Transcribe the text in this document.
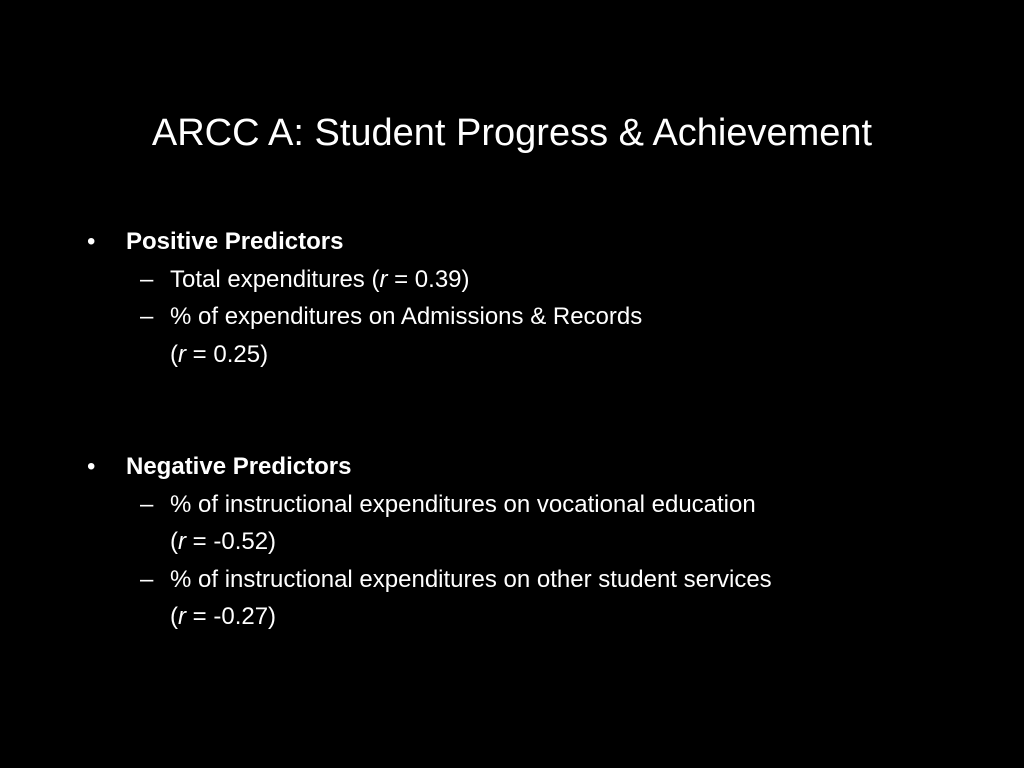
ARCC A: Student Progress & Achievement
• Positive Predictors
– Total expenditures (r = 0.39)
– % of expenditures on Admissions & Records
(r = 0.25)
• Negative Predictors
– % of instructional expenditures on vocational education
(r = -0.52)
– % of instructional expenditures on other student services
(r = -0.27)
